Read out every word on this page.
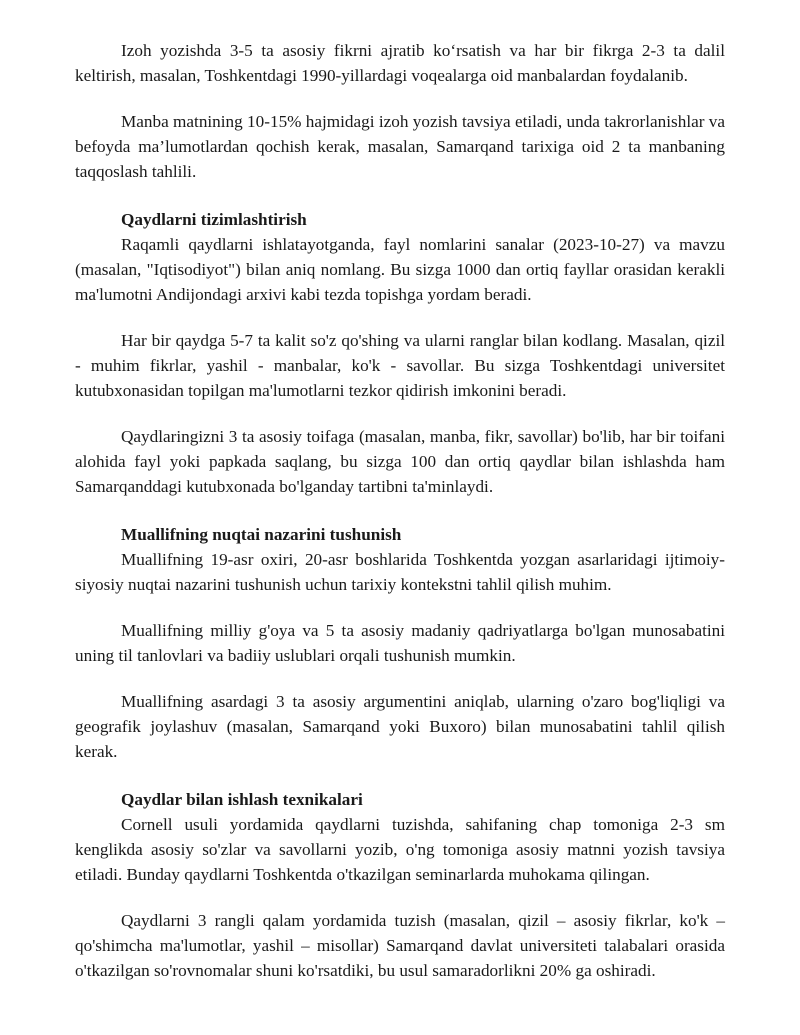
Izoh yozishda 3-5 ta asosiy fikrni ajratib ko‘rsatish va har bir fikrga 2-3 ta dalil keltirish, masalan, Toshkentdagi 1990-yillardagi voqealarga oid manbalardan foydalanib.

Manba matnining 10-15% hajmidagi izoh yozish tavsiya etiladi, unda takrorlanishlar va befoyda ma’lumotlardan qochish kerak, masalan, Samarqand tarixiga oid 2 ta manbaning taqqoslash tahlili.

Qaydlarni tizimlashtirish

Raqamli qaydlarni ishlatayotganda, fayl nomlarini sanalar (2023-10-27) va mavzu (masalan, "Iqtisodiyot") bilan aniq nomlang. Bu sizga 1000 dan ortiq fayllar orasidan kerakli ma'lumotni Andijondagi arxivi kabi tezda topishga yordam beradi.

Har bir qaydga 5-7 ta kalit so'z qo'shing va ularni ranglar bilan kodlang. Masalan, qizil - muhim fikrlar, yashil - manbalar, ko'k - savollar. Bu sizga Toshkentdagi universitet kutubxonasidan topilgan ma'lumotlarni tezkor qidirish imkonini beradi.

Qaydlaringizni 3 ta asosiy toifaga (masalan, manba, fikr, savollar) bo'lib, har bir toifani alohida fayl yoki papkada saqlang, bu sizga 100 dan ortiq qaydlar bilan ishlashda ham Samarqanddagi kutubxonada bo'lganday tartibni ta'minlaydi.

Muallifning nuqtai nazarini tushunish

Muallifning 19-asr oxiri, 20-asr boshlarida Toshkentda yozgan asarlaridagi ijtimoiy-siyosiy nuqtai nazarini tushunish uchun tarixiy kontekstni tahlil qilish muhim.

Muallifning milliy g'oya va 5 ta asosiy madaniy qadriyatlarga bo'lgan munosabatini uning til tanlovlari va badiiy uslublari orqali tushunish mumkin.

Muallifning asardagi 3 ta asosiy argumentini aniqlab, ularning o'zaro bog'liqligi va geografik joylashuv (masalan, Samarqand yoki Buxoro) bilan munosabatini tahlil qilish kerak.

Qaydlar bilan ishlash texnikalari

Cornell usuli yordamida qaydlarni tuzishda, sahifaning chap tomoniga 2-3 sm kenglikda asosiy so'zlar va savollarni yozib, o'ng tomoniga asosiy matnni yozish tavsiya etiladi. Bunday qaydlarni Toshkentda o'tkazilgan seminarlarda muhokama qilingan.

Qaydlarni 3 rangli qalam yordamida tuzish (masalan, qizil – asosiy fikrlar, ko'k – qo'shimcha ma'lumotlar, yashil – misollar) Samarqand davlat universiteti talabalari orasida o'tkazilgan so'rovnomalar shuni ko'rsatdiki, bu usul samaradorlikni 20% ga oshiradi.
